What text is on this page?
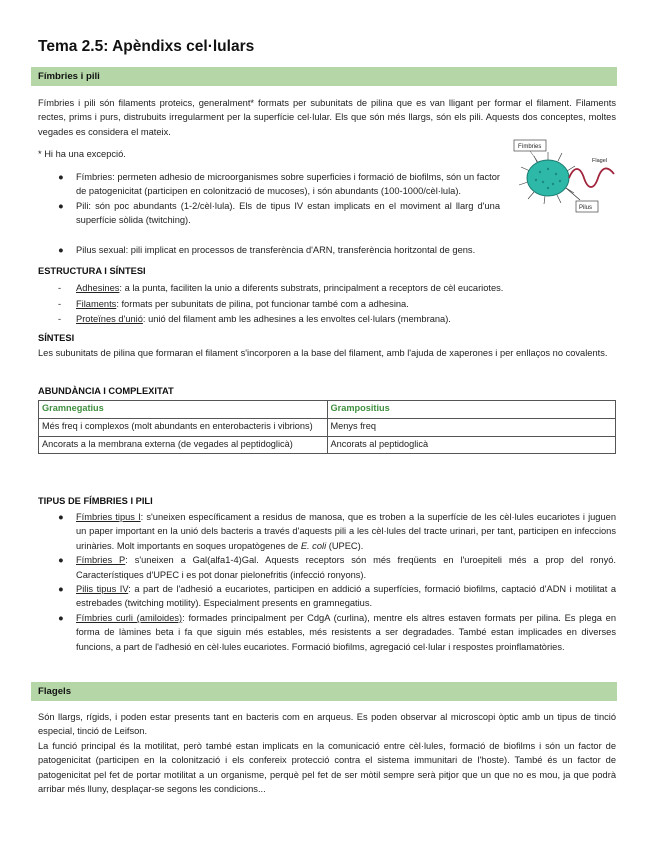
Tema 2.5: Apèndixs cel·lulars
Fímbries i pili
Fímbries i pili són filaments proteics, generalment* formats per subunitats de pilina que es van lligant per formar el filament. Filaments rectes, prims i purs, distrubuits irregularment per la superfície cel·lular. Els que són més llargs, són els pili. Aquests dos conceptes, moltes vegades es considera el mateix.
* Hi ha una excepció.
● Fímbries: permeten adhesio de microorganismes sobre superficies i formació de biofilms, són un factor de patogenicitat (participen en colonització de mucoses), i són abundants (100-1000/cèl·lula).
● Pili: són poc abundants (1-2/cèl·lula). Els de tipus IV estan implicats en el moviment al llarg d'una superfície sòlida (twitching).
● Pilus sexual: pili implicat en processos de transferència d'ARN, transferència horitzontal de gens.
Fímbries
Flagel
Pilus
ESTRUCTURA I SÍNTESI
- Adhesines: a la punta, faciliten la unio a diferents substrats, principalment a receptors de cèl eucariotes.
- Filaments: formats per subunitats de pilina, pot funcionar també com a adhesina.
- Proteïnes d'unió: unió del filament amb les adhesines a les envoltes cel·lulars (membrana).
SÍNTESI
Les subunitats de pilina que formaran el filament s'incorporen a la base del filament, amb l'ajuda de xaperones i per enllaços no covalents.
ABUNDÀNCIA I COMPLEXITAT
Gramnegatius	Grampositius
Més freq i complexos (molt abundants en enterobacteris i vibrions)	Menys freq
Ancorats a la membrana externa (de vegades al peptidoglicà)	Ancorats al peptidoglicà
TIPUS DE FÍMBRIES I PILI
● Fímbries tipus I: s'uneixen específicament a residus de manosa, que es troben a la superfície de les cèl·lules eucariotes i juguen un paper important en la unió dels bacteris a través d'aquests pili a les cèl·lules del tracte urinari, per tant, participen en infeccions urinàries. Molt importants en soques uropatògenes de E. coli (UPEC).
● Fímbries P: s'uneixen a Gal(alfa1-4)Gal. Aquests receptors són més freqüents en l'uroepiteli més a prop del ronyó. Característiques d'UPEC i es pot donar pielonefritis (infecció ronyons).
● Pilis tipus IV: a part de l'adhesió a eucariotes, participen en addició a superfícies, formació biofilms, captació d'ADN i motilitat a estrebades (twitching motility). Especialment presents en gramnegatius.
● Fímbries curli (amiloides): formades principalment per CdgA (curlina), mentre els altres estaven formats per pilina. Es plega en forma de làmines beta i fa que siguin més estables, més resistents a ser degradades. També estan implicades en diverses funcions, a part de l'adhesió en cèl·lules eucariotes. Formació biofilms, agregació cel·lular i respostes proinflamatòries.
Flagels
Són llargs, rígids, i poden estar presents tant en bacteris com en arqueus. Es poden observar al microscopi òptic amb un tipus de tinció especial, tinció de Leifson.
La funció principal és la motilitat, però també estan implicats en la comunicació entre cèl·lules, formació de biofilms i són un factor de patogenicitat (participen en la colonització i els confereix protecció contra el sistema immunitari de l'hoste). També és un factor de patogenicitat pel fet de portar motilitat a un organisme, perquè pel fet de ser mòtil sempre serà pitjor que un que no es mou, ja que podrà arribar més lluny, desplaçar-se segons les condicions...
